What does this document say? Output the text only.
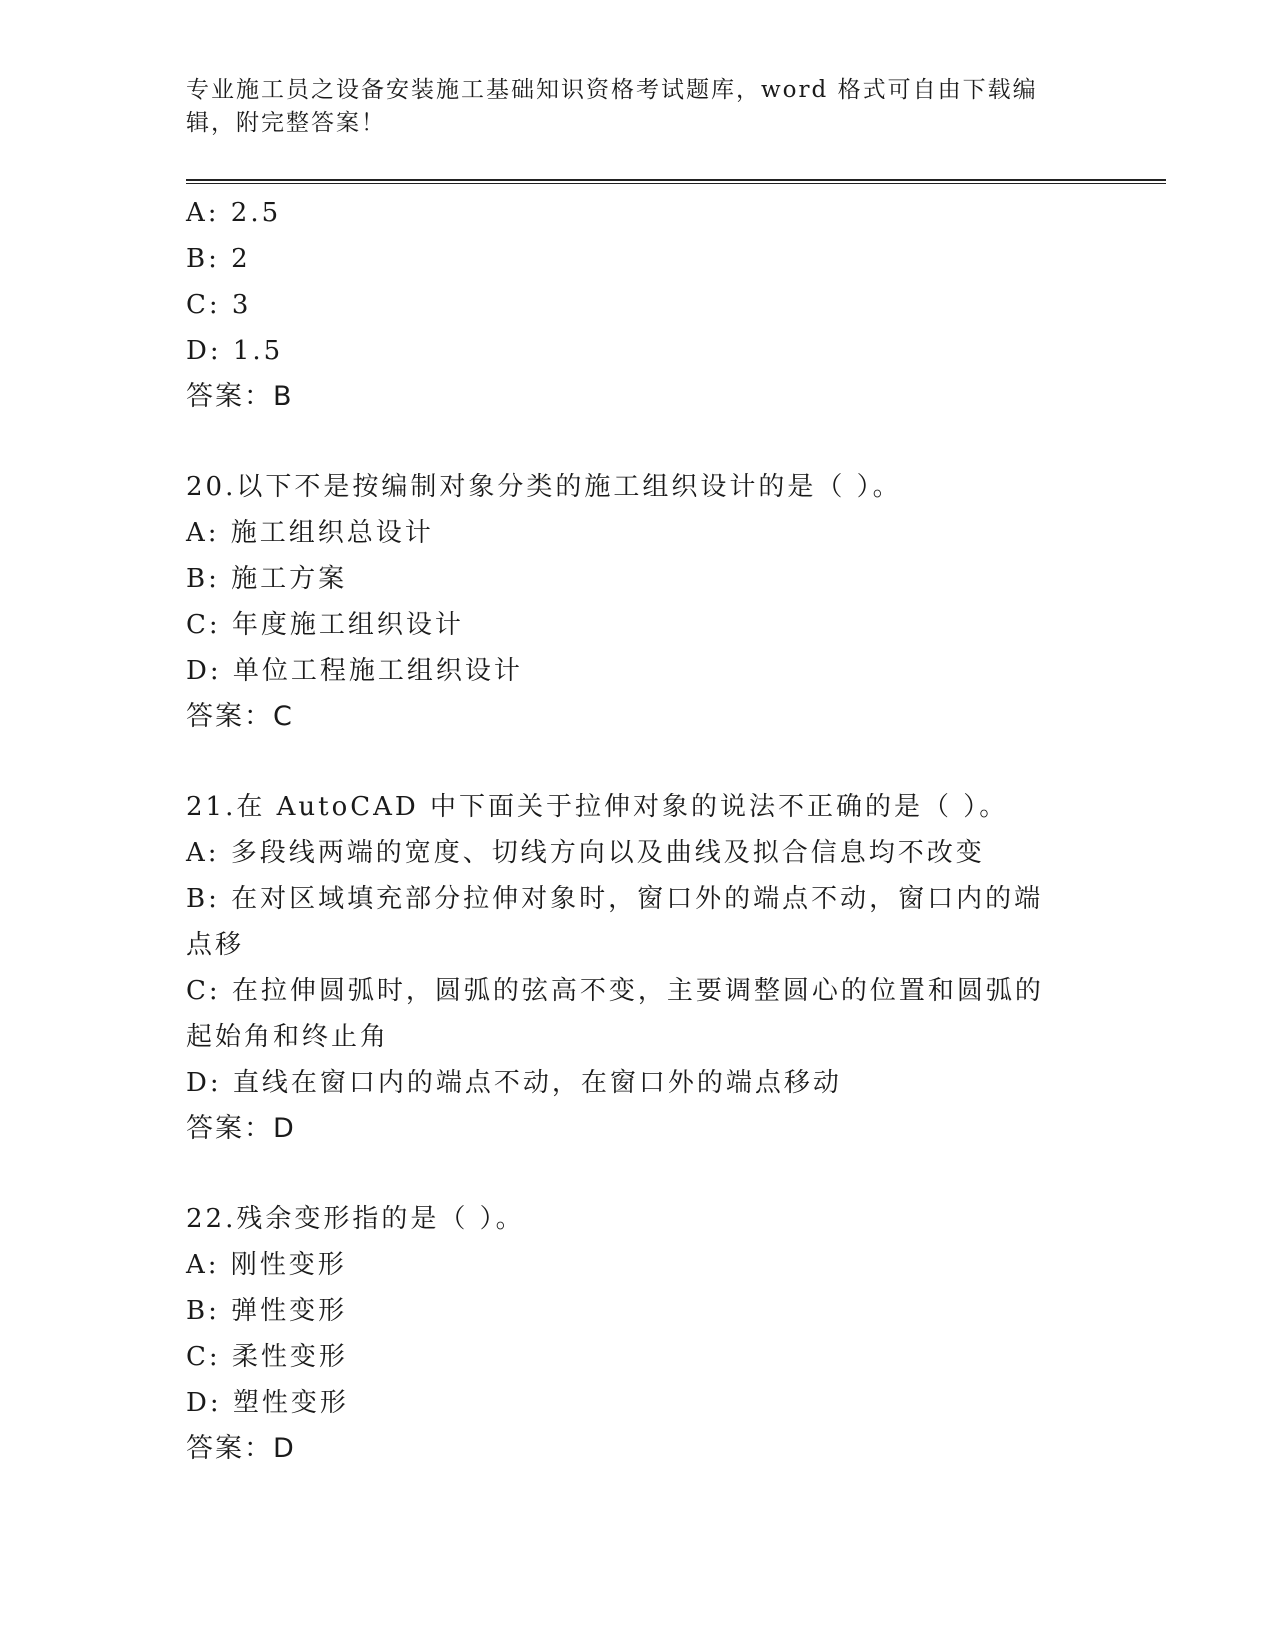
专业施工员之设备安装施工基础知识资格考试题库，word 格式可自由下载编辑，附完整答案！
A: 2.5
B: 2
C: 3
D: 1.5
答案：B
20.以下不是按编制对象分类的施工组织设计的是（ ）。
A: 施工组织总设计
B: 施工方案
C: 年度施工组织设计
D: 单位工程施工组织设计
答案：C
21.在 AutoCAD 中下面关于拉伸对象的说法不正确的是（ ）。
A: 多段线两端的宽度、切线方向以及曲线及拟合信息均不改变
B: 在对区域填充部分拉伸对象时，窗口外的端点不动，窗口内的端点移
C: 在拉伸圆弧时，圆弧的弦高不变，主要调整圆心的位置和圆弧的起始角和终止角
D: 直线在窗口内的端点不动，在窗口外的端点移动
答案：D
22.残余变形指的是（ ）。
A: 刚性变形
B: 弹性变形
C: 柔性变形
D: 塑性变形
答案：D
